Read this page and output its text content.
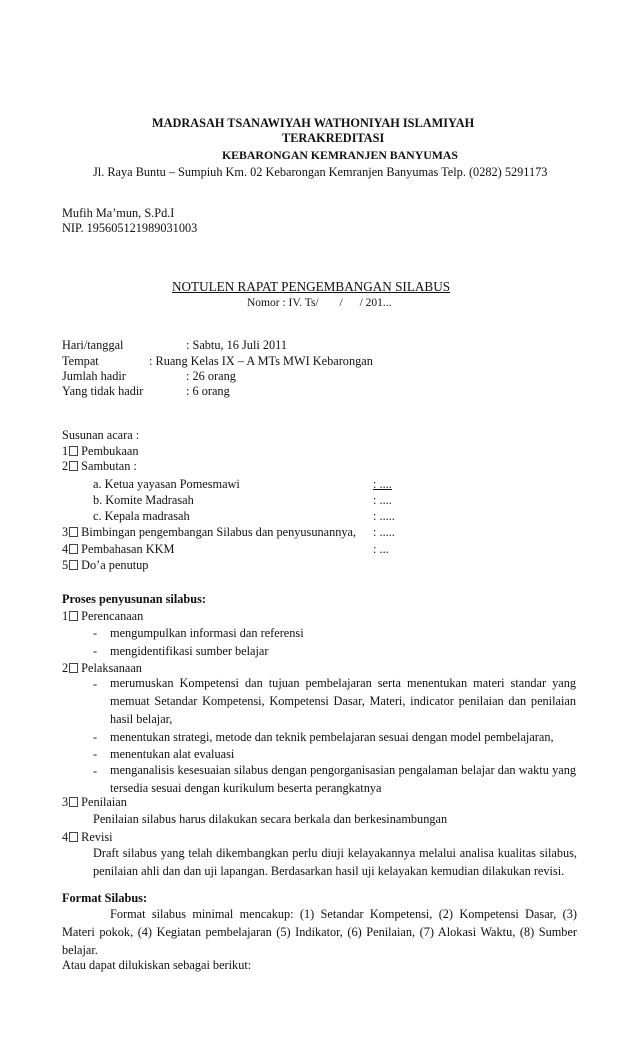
MADRASAH TSANAWIYAH WATHONIYAH ISLAMIYAH
TERAKREDITASI
KEBARONGAN KEMRANJEN BANYUMAS
Jl. Raya Buntu – Sumpiuh Km. 02 Kebarongan Kemranjen Banyumas Telp. (0282) 5291173
Mufih Ma’mun, S.Pd.I
NIP. 195605121989031003
NOTULEN RAPAT PENGEMBANGAN SILABUS
Nomor : IV. Ts/ / / 201...
Hari/tanggal	: Sabtu, 16 Juli 2011
Tempat	: Ruang Kelas IX – A MTs MWI Kebarongan
Jumlah hadir	: 26 orang
Yang tidak hadir	: 6 orang
Susunan acara :
1 Pembukaan
2 Sambutan :
a. Ketua yayasan Pomesmawi	: ....
b. Komite Madrasah	: ....
c. Kepala madrasah	: .....
3 Bimbingan pengembangan Silabus dan penyusunannya, : .....
4 Pembahasan KKM	: ...
5 Do’a penutup
Proses penyusunan silabus:
1 Perencanaan
- mengumpulkan informasi dan referensi
- mengidentifikasi sumber belajar
2 Pelaksanaan
- merumuskan Kompetensi dan tujuan pembelajaran serta menentukan materi standar yang memuat Setandar Kompetensi, Kompetensi Dasar, Materi, indicator penilaian dan penilaian hasil belajar,
- menentukan strategi, metode dan teknik pembelajaran sesuai dengan model pembelajaran,
- menentukan alat evaluasi
- menganalisis kesesuaian silabus dengan pengorganisasian pengalaman belajar dan waktu yang tersedia sesuai dengan kurikulum beserta perangkatnya
3 Penilaian
Penilaian silabus harus dilakukan secara berkala dan berkesinambungan
4 Revisi
Draft silabus yang telah dikembangkan perlu diuji kelayakannya melalui analisa kualitas silabus, penilaian ahli dan dan uji lapangan. Berdasarkan hasil uji kelayakan kemudian dilakukan revisi.
Format Silabus:
Format silabus minimal mencakup: (1) Setandar Kompetensi, (2) Kompetensi Dasar, (3) Materi pokok, (4) Kegiatan pembelajaran (5) Indikator, (6) Penilaian, (7) Alokasi Waktu, (8) Sumber belajar.
Atau dapat dilukiskan sebagai berikut:
